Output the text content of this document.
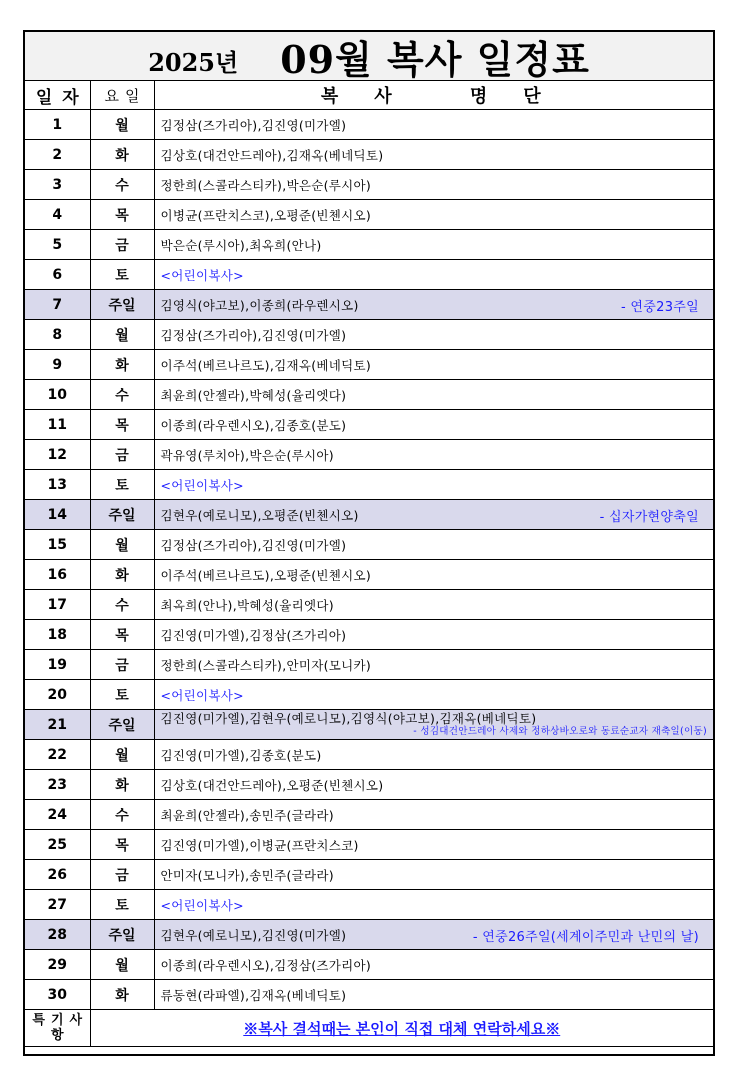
2025년 09월 복사 일정표
일자	요일	복사 명단
1	월	김정삼(즈가리아),김진영(미가엘)
2	화	김상호(대건안드레아),김재옥(베네딕토)
3	수	정한희(스콜라스티카),박은순(루시아)
4	목	이병균(프란치스코),오평준(빈첸시오)
5	금	박은순(루시아),최옥희(안나)
6	토	<어린이복사>
7	주일	김영식(야고보),이종희(라우렌시오) - 연중23주일

8	월	김정삼(즈가리아),김진영(미가엘)
9	화	이주석(베르나르도),김재옥(베네딕토)
10	수	최윤희(안젤라),박혜성(율리엣다)
11	목	이종희(라우렌시오),김종호(분도)
12	금	곽유영(루치아),박은순(루시아)
13	토	<어린이복사>
14	주일	김현우(예로니모),오평준(빈첸시오) - 십자가현양축일

15	월	김정삼(즈가리아),김진영(미가엘)
16	화	이주석(베르나르도),오평준(빈첸시오)
17	수	최옥희(안나),박혜성(율리엣다)
18	목	김진영(미가엘),김정삼(즈가리아)
19	금	정한희(스콜라스티카),안미자(모니카)
20	토	<어린이복사>
21	주일	김진영(미가엘),김현우(예로니모),김영식(야고보),김재옥(베네딕토)
- 성김대건안드레아 사제와 정하상바오로와 동료순교자 재축일(이동)

22	월	김진영(미가엘),김종호(분도)
23	화	김상호(대건안드레아),오평준(빈첸시오)
24	수	최윤희(안젤라),송민주(글라라)
25	목	김진영(미가엘),이병균(프란치스코)
26	금	안미자(모니카),송민주(글라라)
27	토	<어린이복사>
28	주일	김현우(예로니모),김진영(미가엘) - 연중26주일(세계이주민과 난민의 날)

29	월	이종희(라우렌시오),김정삼(즈가리아)
30	화	류동현(라파엘),김재옥(베네딕토)
특기사항	※복사 결석때는 본인이 직접 대체 연락하세요※	
